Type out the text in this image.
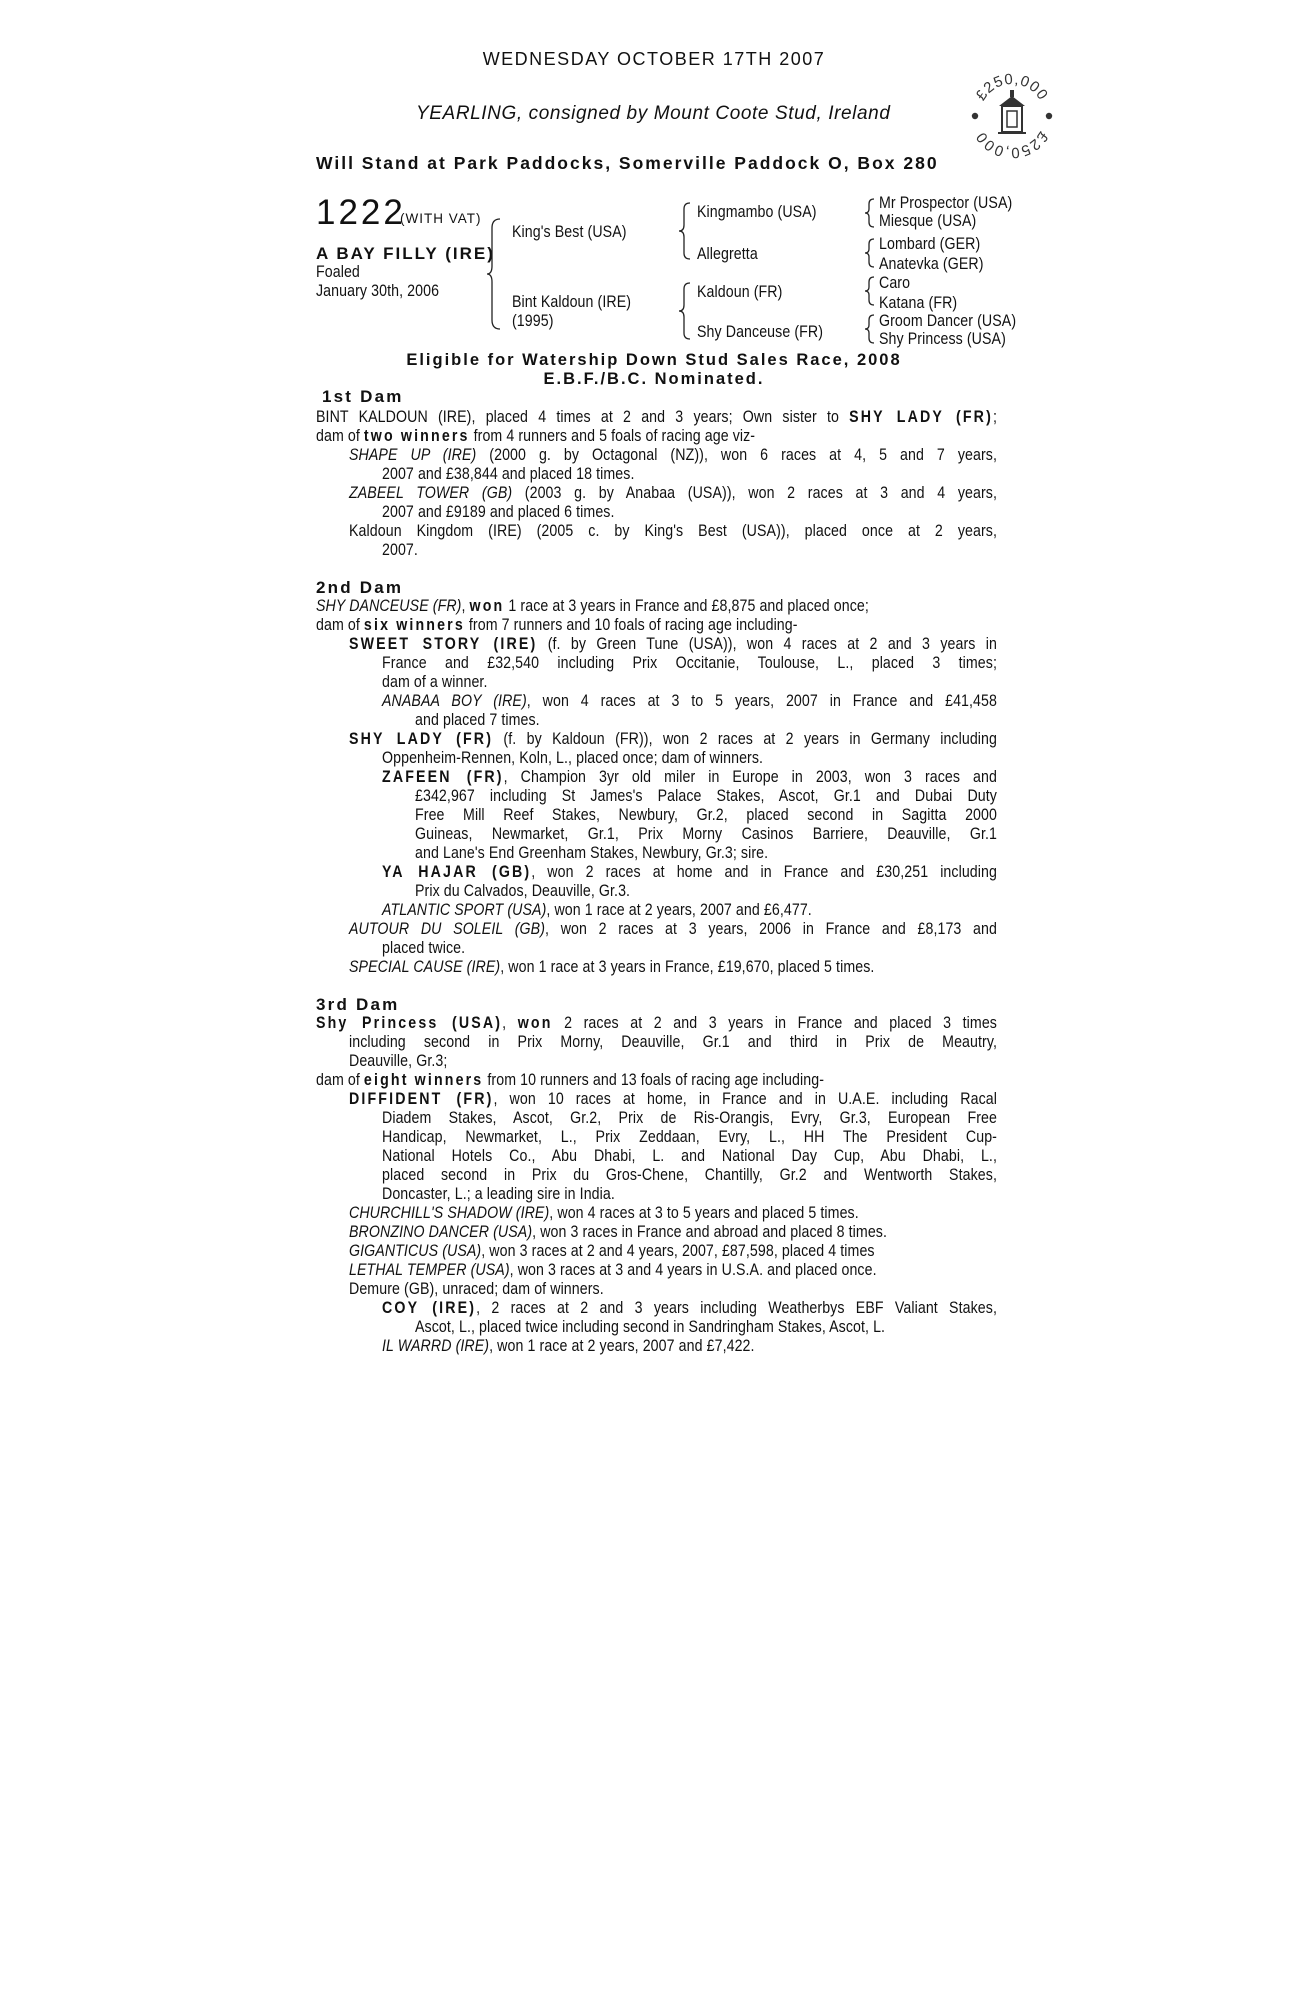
WEDNESDAY OCTOBER 17TH 2007
YEARLING, consigned by Mount Coote Stud, Ireland
Will Stand at Park Paddocks, Somerville Paddock O, Box 280
£250,000
£250,000
1222
(WITH VAT)
A BAY FILLY (IRE)
Foaled
January 30th, 2006
King's Best (USA)
Bint Kaldoun (IRE)
(1995)
Kingmambo (USA)
Allegretta
Kaldoun (FR)
Shy Danceuse (FR)
Mr Prospector (USA)
Miesque (USA)
Lombard (GER)
Anatevka (GER)
Caro
Katana (FR)
Groom Dancer (USA)
Shy Princess (USA)
Eligible for Watership Down Stud Sales Race, 2008
E.B.F./B.C. Nominated.
1st Dam
BINT KALDOUN (IRE), placed 4 times at 2 and 3 years; Own sister to SHY LADY (FR);
dam of two winners from 4 runners and 5 foals of racing age viz-
SHAPE UP (IRE) (2000 g. by Octagonal (NZ)), won 6 races at 4, 5 and 7 years,
2007 and £38,844 and placed 18 times.
ZABEEL TOWER (GB) (2003 g. by Anabaa (USA)), won 2 races at 3 and 4 years,
2007 and £9189 and placed 6 times.
Kaldoun Kingdom (IRE) (2005 c. by King's Best (USA)), placed once at 2 years,
2007.
2nd Dam
SHY DANCEUSE (FR), won 1 race at 3 years in France and £8,875 and placed once;
dam of six winners from 7 runners and 10 foals of racing age including-
SWEET STORY (IRE) (f. by Green Tune (USA)), won 4 races at 2 and 3 years in
France and £32,540 including Prix Occitanie, Toulouse, L., placed 3 times;
dam of a winner.
ANABAA BOY (IRE), won 4 races at 3 to 5 years, 2007 in France and £41,458
and placed 7 times.
SHY LADY (FR) (f. by Kaldoun (FR)), won 2 races at 2 years in Germany including
Oppenheim-Rennen, Koln, L., placed once; dam of winners.
ZAFEEN (FR), Champion 3yr old miler in Europe in 2003, won 3 races and
£342,967 including St James's Palace Stakes, Ascot, Gr.1 and Dubai Duty
Free Mill Reef Stakes, Newbury, Gr.2, placed second in Sagitta 2000
Guineas, Newmarket, Gr.1, Prix Morny Casinos Barriere, Deauville, Gr.1
and Lane's End Greenham Stakes, Newbury, Gr.3; sire.
YA HAJAR (GB), won 2 races at home and in France and £30,251 including
Prix du Calvados, Deauville, Gr.3.
ATLANTIC SPORT (USA), won 1 race at 2 years, 2007 and £6,477.
AUTOUR DU SOLEIL (GB), won 2 races at 3 years, 2006 in France and £8,173 and
placed twice.
SPECIAL CAUSE (IRE), won 1 race at 3 years in France, £19,670, placed 5 times.
3rd Dam
Shy Princess (USA), won 2 races at 2 and 3 years in France and placed 3 times
including second in Prix Morny, Deauville, Gr.1 and third in Prix de Meautry,
Deauville, Gr.3;
dam of eight winners from 10 runners and 13 foals of racing age including-
DIFFIDENT (FR), won 10 races at home, in France and in U.A.E. including Racal
Diadem Stakes, Ascot, Gr.2, Prix de Ris-Orangis, Evry, Gr.3, European Free
Handicap, Newmarket, L., Prix Zeddaan, Evry, L., HH The President Cup-
National Hotels Co., Abu Dhabi, L. and National Day Cup, Abu Dhabi, L.,
placed second in Prix du Gros-Chene, Chantilly, Gr.2 and Wentworth Stakes,
Doncaster, L.; a leading sire in India.
CHURCHILL'S SHADOW (IRE), won 4 races at 3 to 5 years and placed 5 times.
BRONZINO DANCER (USA), won 3 races in France and abroad and placed 8 times.
GIGANTICUS (USA), won 3 races at 2 and 4 years, 2007, £87,598, placed 4 times
LETHAL TEMPER (USA), won 3 races at 3 and 4 years in U.S.A. and placed once.
Demure (GB), unraced; dam of winners.
COY (IRE), 2 races at 2 and 3 years including Weatherbys EBF Valiant Stakes,
Ascot, L., placed twice including second in Sandringham Stakes, Ascot, L.
IL WARRD (IRE), won 1 race at 2 years, 2007 and £7,422.
